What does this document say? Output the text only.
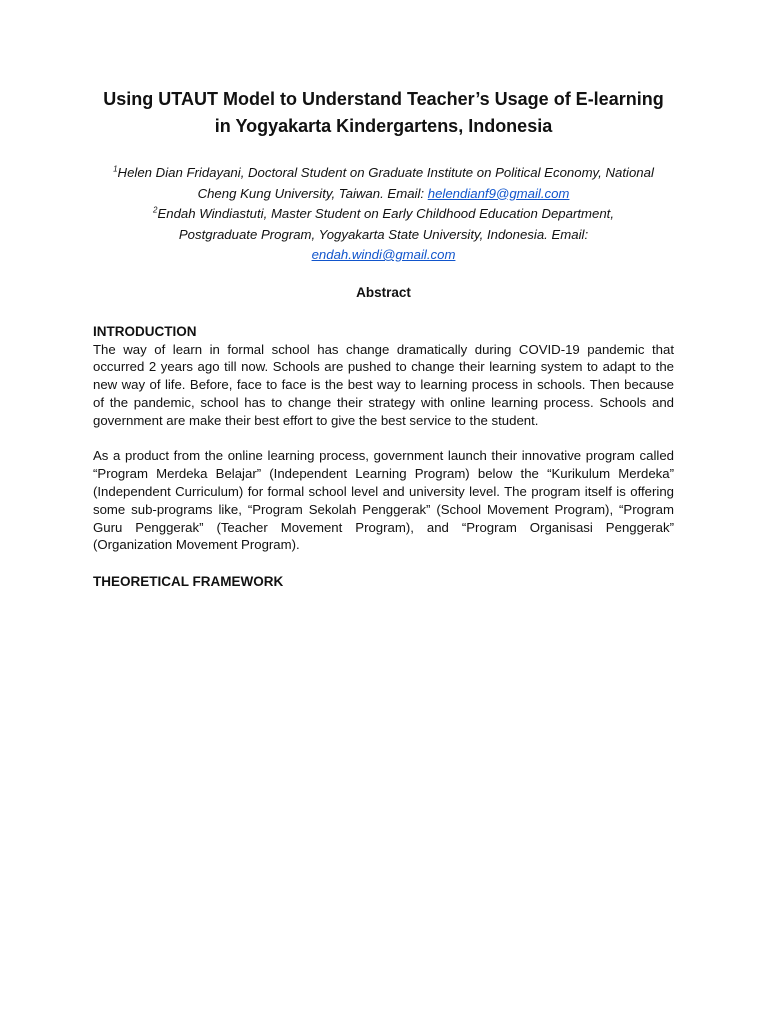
Using UTAUT Model to Understand Teacher’s Usage of E-learning in Yogyakarta Kindergartens, Indonesia
$^1$Helen Dian Fridayani, Doctoral Student on Graduate Institute on Political Economy, National
Cheng Kung University, Taiwan. Email: helendianf9@gmail.com
$^2$Endah Windiastuti, Master Student on Early Childhood Education Department,
Postgraduate Program, Yogyakarta State University, Indonesia. Email:
endah.windi@gmail.com
Abstract
INTRODUCTION

The way of learn in formal school has change dramatically during COVID-19 pandemic that occurred 2 years ago till now. Schools are pushed to change their learning system to adapt to the new way of life. Before, face to face is the best way to learning process in schools. Then because of the pandemic, school has to change their strategy with online learning process. Schools and government are make their best effort to give the best service to the student.

As a product from the online learning process, government launch their innovative program called “Program Merdeka Belajar” (Independent Learning Program) below the “Kurikulum Merdeka” (Independent Curriculum) for formal school level and university level. The program itself is offering some sub-programs like, “Program Sekolah Penggerak” (School Movement Program), “Program Guru Penggerak” (Teacher Movement Program), and “Program Organisasi Penggerak” (Organization Movement Program).

THEORETICAL FRAMEWORK
